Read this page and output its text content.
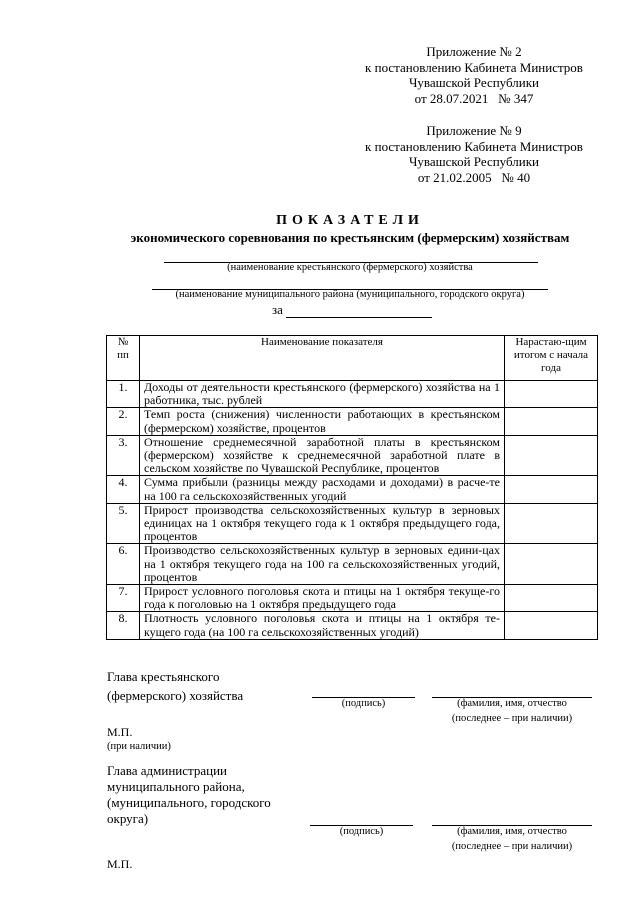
Приложение № 2
к постановлению Кабинета Министров
Чувашской Республики
от 28.07.2021   № 347
Приложение № 9
к постановлению Кабинета Министров
Чувашской Республики
от 21.02.2005   № 40
ПОКАЗАТЕЛИ
экономического соревнования по крестьянским (фермерским) хозяйствам
(наименование крестьянского (фермерского) хозяйства
(наименование муниципального района (муниципального, городского округа)
за
№ пп	Наименование показателя	Нарастаю-щим итогом с начала года
1.	Доходы от деятельности крестьянского (фермерского) хозяйства на 1 работника, тыс. рублей	
2.	Темп роста (снижения) численности работающих в крестьянском (фермерском) хозяйстве, процентов	
3.	Отношение среднемесячной заработной платы в крестьянском (фермерском) хозяйстве к среднемесячной заработной плате в сельском хозяйстве по Чувашской Республике, процентов	
4.	Сумма прибыли (разницы между расходами и доходами) в расче-те на 100 га сельскохозяйственных угодий	
5.	Прирост производства сельскохозяйственных культур в зерновых единицах на 1 октября текущего года к 1 октября предыдущего года, процентов	
6.	Производство сельскохозяйственных культур в зерновых едини-цах на 1 октября текущего года на 100 га сельскохозяйственных угодий, процентов	
7.	Прирост условного поголовья скота и птицы на 1 октября текуще-го года к поголовью на 1 октября предыдущего года	
8.	Плотность условного поголовья скота и птицы на 1 октября те-кущего года (на 100 га сельскохозяйственных угодий)	
Глава крестьянского
(фермерского) хозяйства
(подпись)	(фамилия, имя, отчество
(последнее – при наличии)
М.П.
(при наличии)
Глава администрации
муниципального района,
(муниципального, городского
округа)
(подпись)	(фамилия, имя, отчество
(последнее – при наличии)
М.П.
